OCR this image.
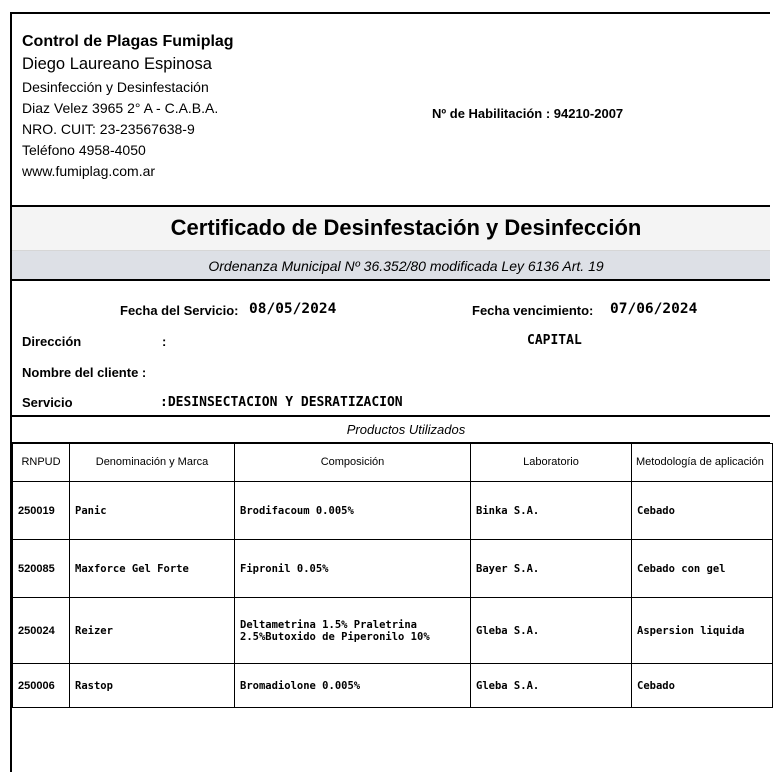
Control de Plagas Fumiplag
Diego Laureano Espinosa
Desinfección y Desinfestación
Diaz Velez 3965 2° A - C.A.B.A.
NRO. CUIT: 23-23567638-9
Teléfono 4958-4050
www.fumiplag.com.ar
Nº de Habilitación : 94210-2007
Certificado de Desinfestación y Desinfección
Ordenanza Municipal Nº 36.352/80 modificada Ley 6136 Art. 19
Fecha del Servicio: 08/05/2024	Fecha vencimiento: 07/06/2024
Dirección	:	CAPITAL
Nombre del cliente :
Servicio	:DESINSECTACION Y DESRATIZACION
Productos Utilizados
RNPUD	Denominación y Marca	Composición	Laboratorio	Metodología de aplicación

250019	Panic	Brodifacoum 0.005%	Binka S.A.	Cebado

520085	Maxforce Gel Forte	Fipronil 0.05%	Bayer S.A.	Cebado con gel

250024	Reizer	Deltametrina 1.5% Praletrina 2.5%Butoxido de Piperonilo 10%	Gleba S.A.	Aspersion liquida

250006	Rastop	Bromadiolone 0.005%	Gleba S.A.	Cebado
